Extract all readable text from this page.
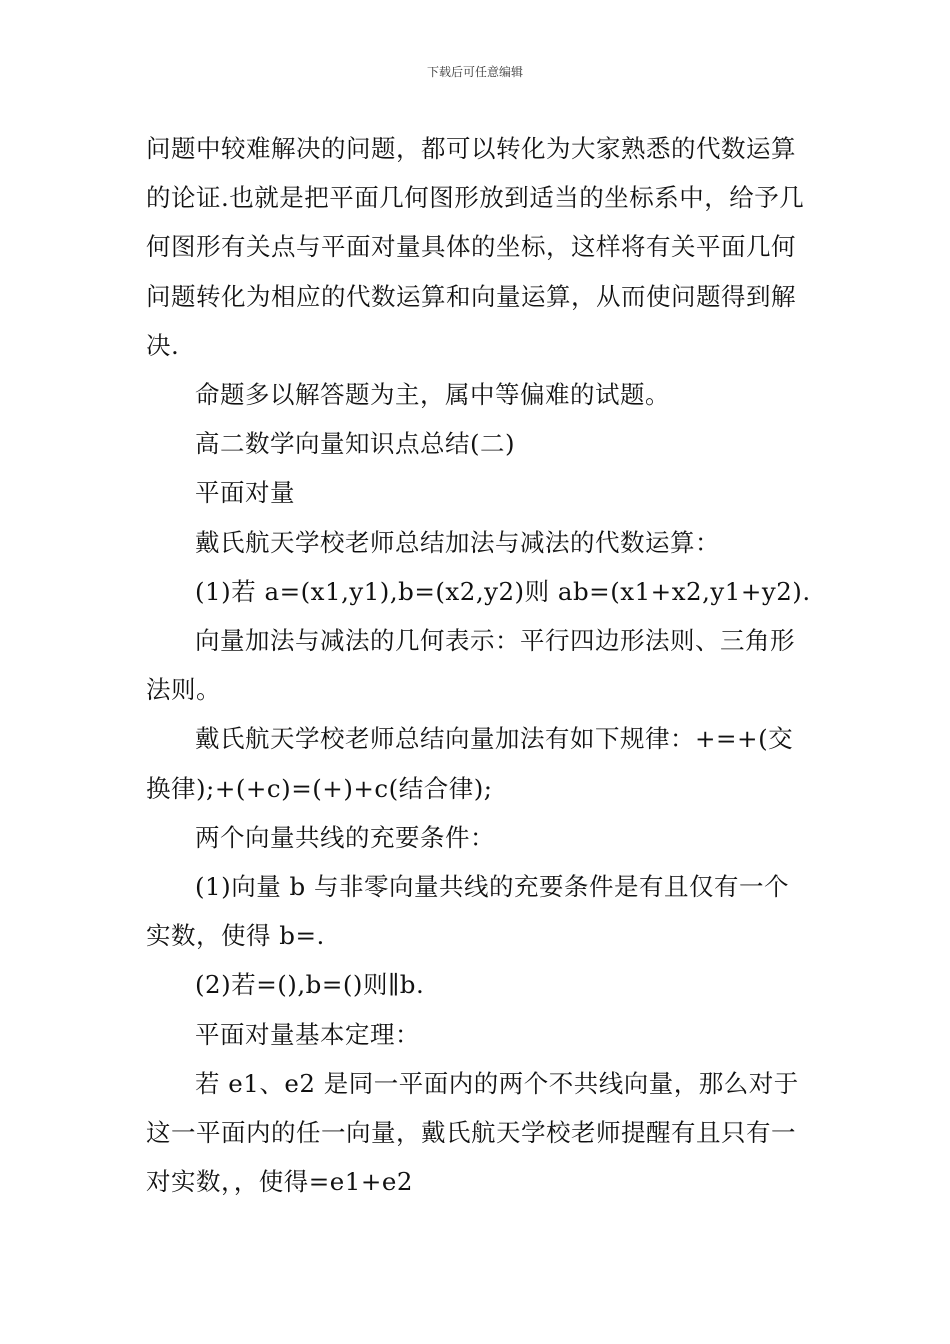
下载后可任意编辑

问题中较难解决的问题，都可以转化为大家熟悉的代数运算的论证.也就是把平面几何图形放到适当的坐标系中，给予几何图形有关点与平面对量具体的坐标，这样将有关平面几何问题转化为相应的代数运算和向量运算，从而使问题得到解决.

命题多以解答题为主，属中等偏难的试题。

高二数学向量知识点总结(二)

平面对量

戴氏航天学校老师总结加法与减法的代数运算：

(1)若 a=(x1,y1),b=(x2,y2)则 ab=(x1+x2,y1+y2).

向量加法与减法的几何表示：平行四边形法则、三角形法则。

戴氏航天学校老师总结向量加法有如下规律：+=+(交换律);+(+c)=(+)+c(结合律);

两个向量共线的充要条件：

(1)向量 b 与非零向量共线的充要条件是有且仅有一个实数，使得 b=.

(2)若=(),b=()则∥b.

平面对量基本定理：

若 e1、e2 是同一平面内的两个不共线向量，那么对于这一平面内的任一向量，戴氏航天学校老师提醒有且只有一对实数，，使得=e1+e2
